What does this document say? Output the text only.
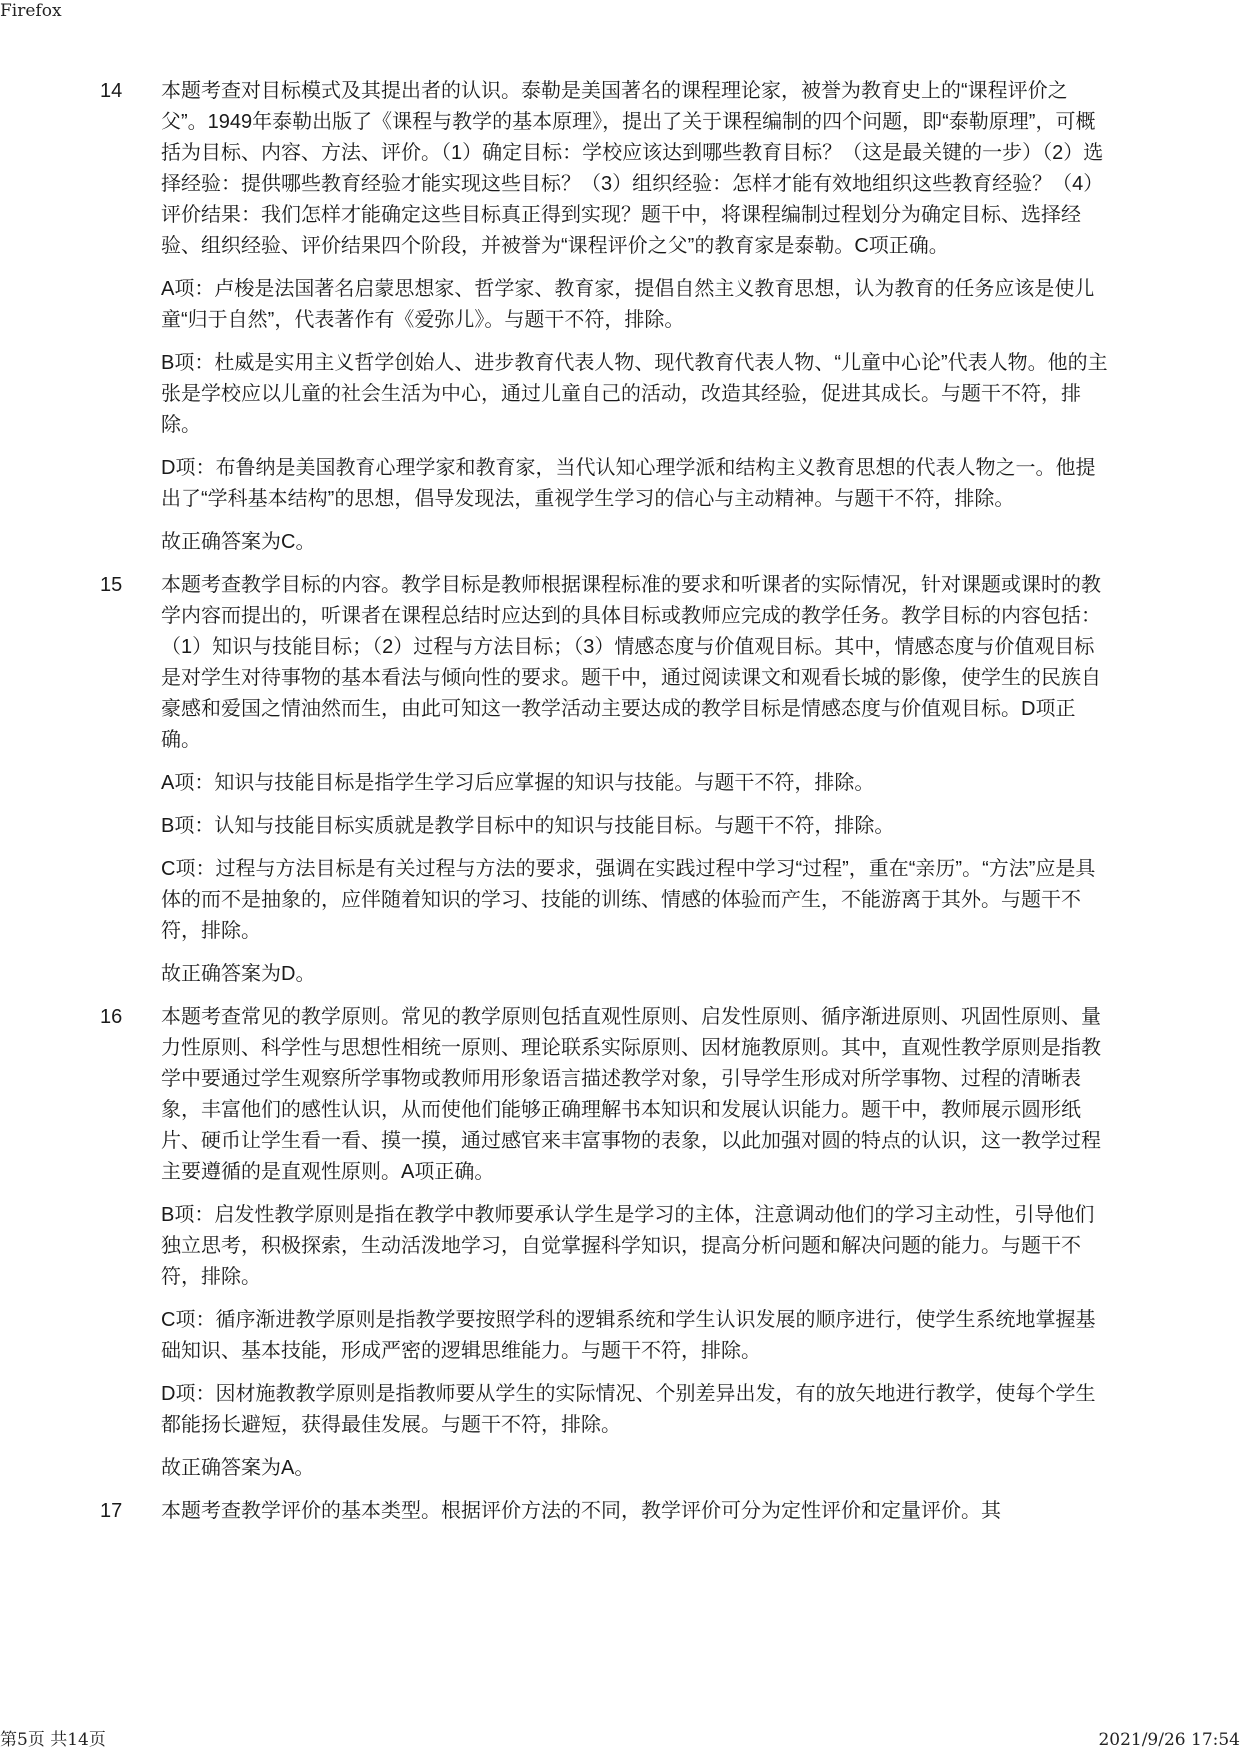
Firefox
14	本题考查对目标模式及其提出者的认识。泰勒是美国著名的课程理论家，被誉为教育史上的“课程评价之父”。1949年泰勒出版了《课程与教学的基本原理》，提出了关于课程编制的四个问题，即“泰勒原理”，可概括为目标、内容、方法、评价。（1）确定目标：学校应该达到哪些教育目标？（这是最关键的一步）（2）选择经验：提供哪些教育经验才能实现这些目标？（3）组织经验：怎样才能有效地组织这些教育经验？（4）评价结果：我们怎样才能确定这些目标真正得到实现？题干中，将课程编制过程划分为确定目标、选择经验、组织经验、评价结果四个阶段，并被誉为“课程评价之父”的教育家是泰勒。C项正确。

A项：卢梭是法国著名启蒙思想家、哲学家、教育家，提倡自然主义教育思想，认为教育的任务应该是使儿童“归于自然”，代表著作有《爱弥儿》。与题干不符，排除。

B项：杜威是实用主义哲学创始人、进步教育代表人物、现代教育代表人物、“儿童中心论”代表人物。他的主张是学校应以儿童的社会生活为中心，通过儿童自己的活动，改造其经验，促进其成长。与题干不符，排除。

D项：布鲁纳是美国教育心理学家和教育家，当代认知心理学派和结构主义教育思想的代表人物之一。他提出了“学科基本结构”的思想，倡导发现法，重视学生学习的信心与主动精神。与题干不符，排除。

故正确答案为C。

15	本题考查教学目标的内容。教学目标是教师根据课程标准的要求和听课者的实际情况，针对课题或课时的教学内容而提出的，听课者在课程总结时应达到的具体目标或教师应完成的教学任务。教学目标的内容包括：（1）知识与技能目标；（2）过程与方法目标；（3）情感态度与价值观目标。其中，情感态度与价值观目标是对学生对待事物的基本看法与倾向性的要求。题干中，通过阅读课文和观看长城的影像，使学生的民族自豪感和爱国之情油然而生，由此可知这一教学活动主要达成的教学目标是情感态度与价值观目标。D项正确。

A项：知识与技能目标是指学生学习后应掌握的知识与技能。与题干不符，排除。

B项：认知与技能目标实质就是教学目标中的知识与技能目标。与题干不符，排除。

C项：过程与方法目标是有关过程与方法的要求，强调在实践过程中学习“过程”，重在“亲历”。“方法”应是具体的而不是抽象的，应伴随着知识的学习、技能的训练、情感的体验而产生，不能游离于其外。与题干不符，排除。

故正确答案为D。

16	本题考查常见的教学原则。常见的教学原则包括直观性原则、启发性原则、循序渐进原则、巩固性原则、量力性原则、科学性与思想性相统一原则、理论联系实际原则、因材施教原则。其中，直观性教学原则是指教学中要通过学生观察所学事物或教师用形象语言描述教学对象，引导学生形成对所学事物、过程的清晰表象，丰富他们的感性认识，从而使他们能够正确理解书本知识和发展认识能力。题干中，教师展示圆形纸片、硬币让学生看一看、摸一摸，通过感官来丰富事物的表象，以此加强对圆的特点的认识，这一教学过程主要遵循的是直观性原则。A项正确。

B项：启发性教学原则是指在教学中教师要承认学生是学习的主体，注意调动他们的学习主动性，引导他们独立思考，积极探索，生动活泼地学习，自觉掌握科学知识，提高分析问题和解决问题的能力。与题干不符，排除。

C项：循序渐进教学原则是指教学要按照学科的逻辑系统和学生认识发展的顺序进行，使学生系统地掌握基础知识、基本技能，形成严密的逻辑思维能力。与题干不符，排除。

D项：因材施教教学原则是指教师要从学生的实际情况、个别差异出发，有的放矢地进行教学，使每个学生都能扬长避短，获得最佳发展。与题干不符，排除。

故正确答案为A。

17	本题考查教学评价的基本类型。根据评价方法的不同，教学评价可分为定性评价和定量评价。其

第5页 共14页	2021/9/26 17:54
